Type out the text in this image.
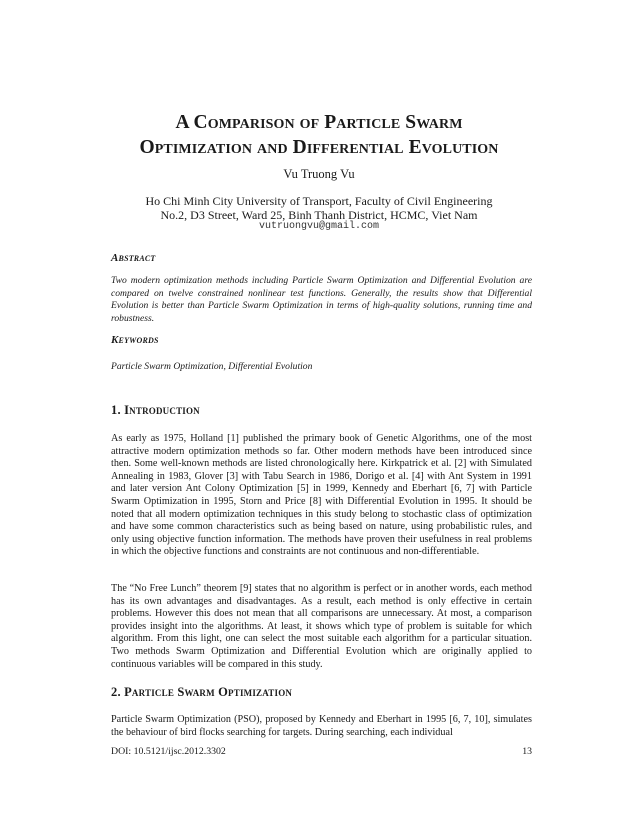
A Comparison of Particle Swarm
Optimization and Differential Evolution

Vu Truong Vu

Ho Chi Minh City University of Transport, Faculty of Civil Engineering
No.2, D3 Street, Ward 25, Binh Thanh District, HCMC, Viet Nam

vutruongvu@gmail.com

Abstract

Two modern optimization methods including Particle Swarm Optimization and Differential Evolution are compared on twelve constrained nonlinear test functions. Generally, the results show that Differential Evolution is better than Particle Swarm Optimization in terms of high-quality solutions, running time and robustness.

Keywords

Particle Swarm Optimization, Differential Evolution

1. Introduction

As early as 1975, Holland [1] published the primary book of Genetic Algorithms, one of the most attractive modern optimization methods so far. Other modern methods have been introduced since then. Some well-known methods are listed chronologically here. Kirkpatrick et al. [2] with Simulated Annealing in 1983, Glover [3] with Tabu Search in 1986, Dorigo et al. [4] with Ant System in 1991 and later version Ant Colony Optimization [5] in 1999, Kennedy and Eberhart [6, 7] with Particle Swarm Optimization in 1995, Storn and Price [8] with Differential Evolution in 1995. It should be noted that all modern optimization techniques in this study belong to stochastic class of optimization and have some common characteristics such as being based on nature, using probabilistic rules, and only using objective function information. The methods have proven their usefulness in real problems in which the objective functions and constraints are not continuous and non-differentiable.

The “No Free Lunch” theorem [9] states that no algorithm is perfect or in another words, each method has its own advantages and disadvantages. As a result, each method is only effective in certain problems. However this does not mean that all comparisons are unnecessary. At most, a comparison provides insight into the algorithms. At least, it shows which type of problem is suitable for which algorithm. From this light, one can select the most suitable each algorithm for a particular situation. Two methods Swarm Optimization and Differential Evolution which are originally applied to continuous variables will be compared in this study.

2. Particle Swarm Optimization

Particle Swarm Optimization (PSO), proposed by Kennedy and Eberhart in 1995 [6, 7, 10], simulates the behaviour of bird flocks searching for targets. During searching, each individual

DOI: 10.5121/ijsc.2012.3302	13
